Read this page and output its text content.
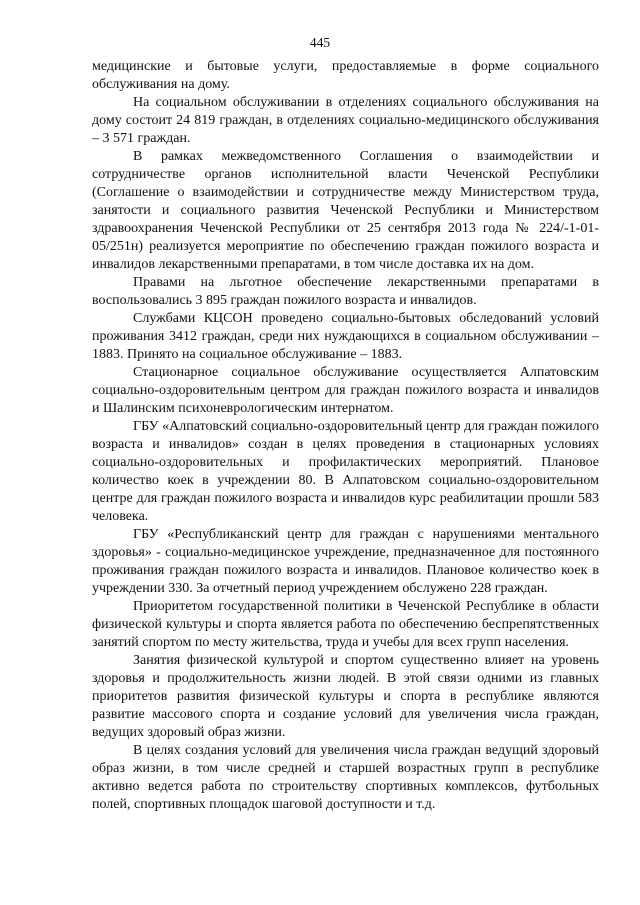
445

медицинские и бытовые услуги, предоставляемые в форме социального обслуживания на дому.

На социальном обслуживании в отделениях социального обслуживания на дому состоит 24 819 граждан, в отделениях социально-медицинского обслуживания – 3 571 граждан.

В рамках межведомственного Соглашения о взаимодействии и сотрудничестве органов исполнительной власти Чеченской Республики (Соглашение о взаимодействии и сотрудничестве между Министерством труда, занятости и социального развития Чеченской Республики и Министерством здравоохранения Чеченской Республики от 25 сентября 2013 года № 224/-1-01-05/251н) реализуется мероприятие по обеспечению граждан пожилого возраста и инвалидов лекарственными препаратами, в том числе доставка их на дом.

Правами на льготное обеспечение лекарственными препаратами в воспользовались 3 895 граждан пожилого возраста и инвалидов.

Службами КЦСОН проведено социально-бытовых обследований условий проживания 3412 граждан, среди них нуждающихся в социальном обслуживании – 1883. Принято на социальное обслуживание – 1883.

Стационарное социальное обслуживание осуществляется Алпатовским социально-оздоровительным центром для граждан пожилого возраста и инвалидов и Шалинским психоневрологическим интернатом.

ГБУ «Алпатовский социально-оздоровительный центр для граждан пожилого возраста и инвалидов» создан в целях проведения в стационарных условиях социально-оздоровительных и профилактических мероприятий. Плановое количество коек в учреждении 80. В Алпатовском социально-оздоровительном центре для граждан пожилого возраста и инвалидов курс реабилитации прошли 583 человека.

ГБУ «Республиканский центр для граждан с нарушениями ментального здоровья» - социально-медицинское учреждение, предназначенное для постоянного проживания граждан пожилого возраста и инвалидов. Плановое количество коек в учреждении 330. За отчетный период учреждением обслужено 228 граждан.

Приоритетом государственной политики в Чеченской Республике в области физической культуры и спорта является работа по обеспечению беспрепятственных занятий спортом по месту жительства, труда и учебы для всех групп населения.

Занятия физической культурой и спортом существенно влияет на уровень здоровья и продолжительность жизни людей. В этой связи одними из главных приоритетов развития физической культуры и спорта в республике являются развитие массового спорта и создание условий для увеличения числа граждан, ведущих здоровый образ жизни.

В целях создания условий для увеличения числа граждан ведущий здоровый образ жизни, в том числе средней и старшей возрастных групп в республике активно ведется работа по строительству спортивных комплексов, футбольных полей, спортивных площадок шаговой доступности и т.д.
